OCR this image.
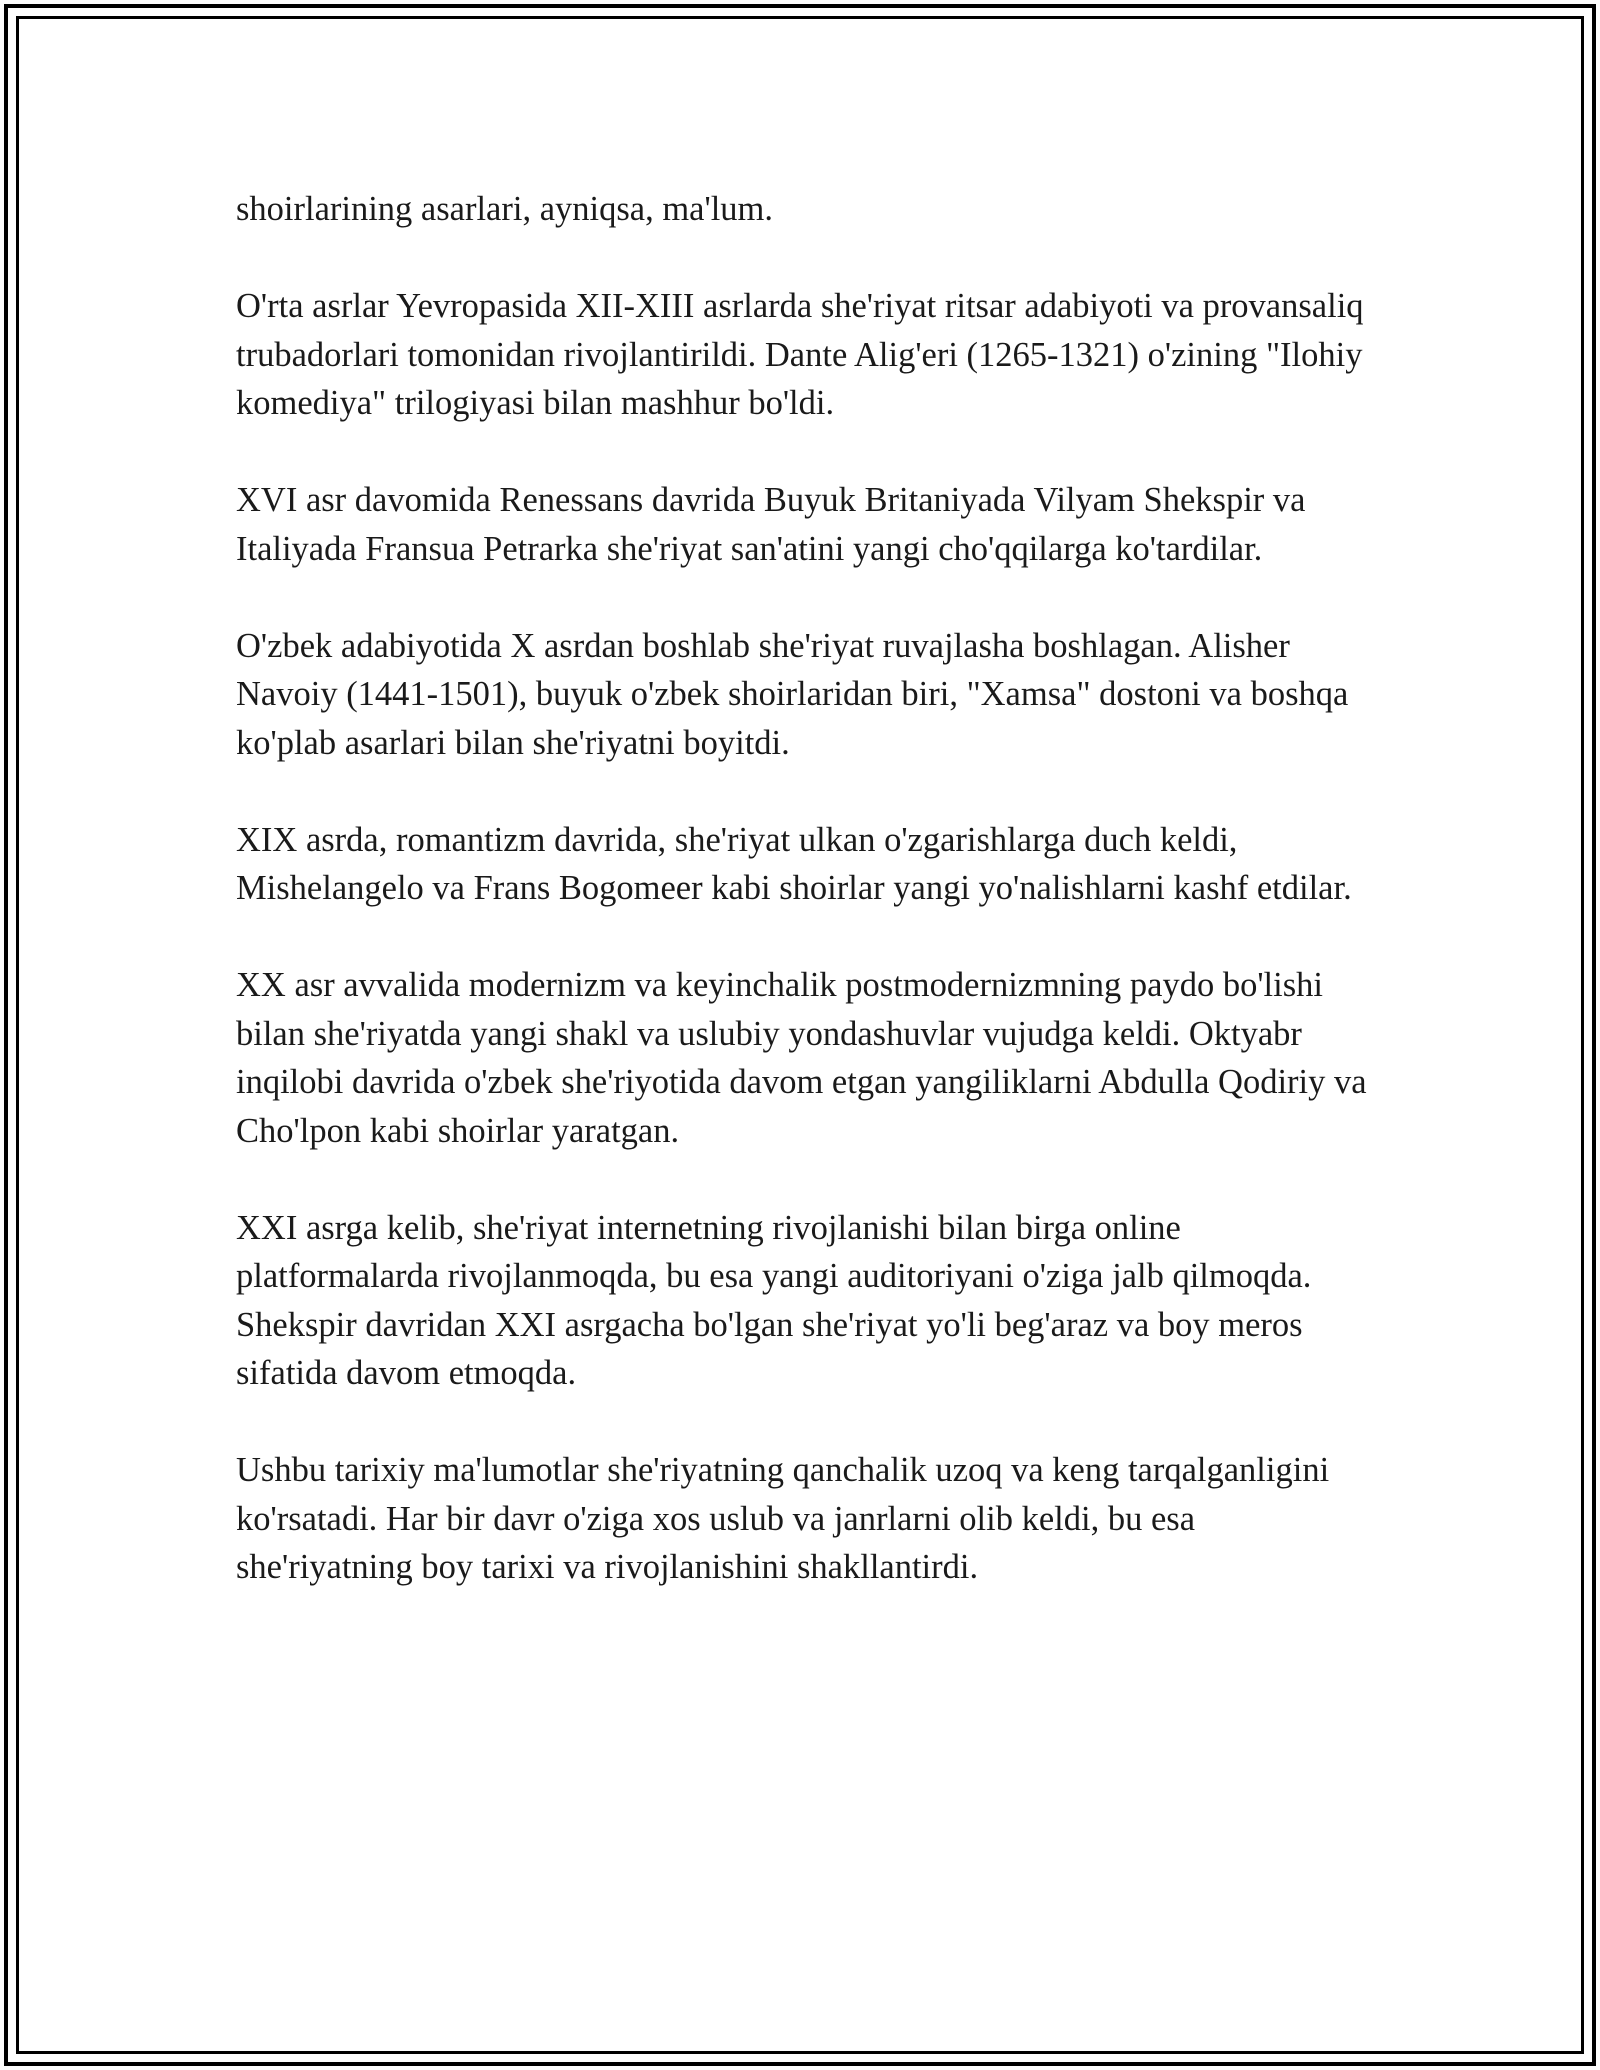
shoirlarining asarlari, ayniqsa, ma'lum.

O'rta asrlar Yevropasida XII-XIII asrlarda she'riyat ritsar adabiyoti va provansaliq trubadorlari tomonidan rivojlantirildi. Dante Alig'eri (1265-1321) o'zining "Ilohiy komediya" trilogiyasi bilan mashhur bo'ldi.

XVI asr davomida Renessans davrida Buyuk Britaniyada Vilyam Shekspir va Italiyada Fransua Petrarka she'riyat san'atini yangi cho'qqilarga ko'tardilar.

O'zbek adabiyotida X asrdan boshlab she'riyat ruvajlasha boshlagan. Alisher Navoiy (1441-1501), buyuk o'zbek shoirlaridan biri, "Xamsa" dostoni va boshqa ko'plab asarlari bilan she'riyatni boyitdi.

XIX asrda, romantizm davrida, she'riyat ulkan o'zgarishlarga duch keldi, Mishelangelo va Frans Bogomeer kabi shoirlar yangi yo'nalishlarni kashf etdilar.

XX asr avvalida modernizm va keyinchalik postmodernizmning paydo bo'lishi bilan she'riyatda yangi shakl va uslubiy yondashuvlar vujudga keldi. Oktyabr inqilobi davrida o'zbek she'riyotida davom etgan yangiliklarni Abdulla Qodiriy va Cho'lpon kabi shoirlar yaratgan.

XXI asrga kelib, she'riyat internetning rivojlanishi bilan birga online platformalarda rivojlanmoqda, bu esa yangi auditoriyani o'ziga jalb qilmoqda. Shekspir davridan XXI asrgacha bo'lgan she'riyat yo'li beg'araz va boy meros sifatida davom etmoqda.

Ushbu tarixiy ma'lumotlar she'riyatning qanchalik uzoq va keng tarqalganligini ko'rsatadi. Har bir davr o'ziga xos uslub va janrlarni olib keldi, bu esa she'riyatning boy tarixi va rivojlanishini shakllantirdi.
